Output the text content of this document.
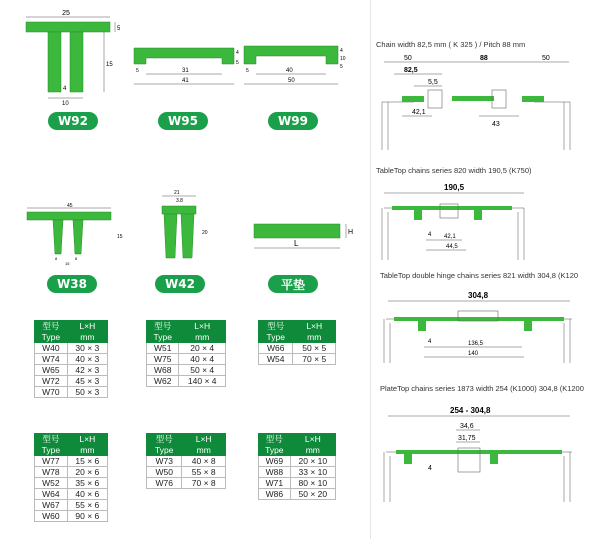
25
5
15
4
10
W92
31
41
4
5
5
W95
40
50
4
10
5
5
W99
45
15
8	8
15
W38
21
3.8
20
W42
L
H
平垫
型号	L×H
Type	mm
W40	30 × 3
W74	40 × 3
W65	42 × 3
W72	45 × 3
W70	50 × 3
型号	L×H
Type	mm
W51	20 × 4
W75	40 × 4
W68	50 × 4
W62	140 × 4
型号	L×H
Type	mm
W66	50 × 5
W54	70 × 5
型号	L×H
Type	mm
W77	15 × 6
W78	20 × 6
W52	35 × 6
W64	40 × 6
W67	55 × 6
W60	90 × 6
型号	L×H
Type	mm
W73	40 × 8
W50	55 × 8
W76	70 × 8
型号	L×H
Type	mm
W69	20 × 10
W88	33 × 10
W71	80 × 10
W86	50 × 20
Chain width 82,5 mm ( K 325 ) / Pitch 88 mm
50	88	50
82,5
5,5
42,1
43
TableTop chains series 820 width 190,5 (K750)
190,5
4 42,1
44,5
TableTop double hinge chains series 821 width 304,8 (K120
304,8
4	136,5
140
PlateTop chains series 1873 width 254 (K1000) 304,8 (K1200
254 - 304,8
34,6
31,75
4
